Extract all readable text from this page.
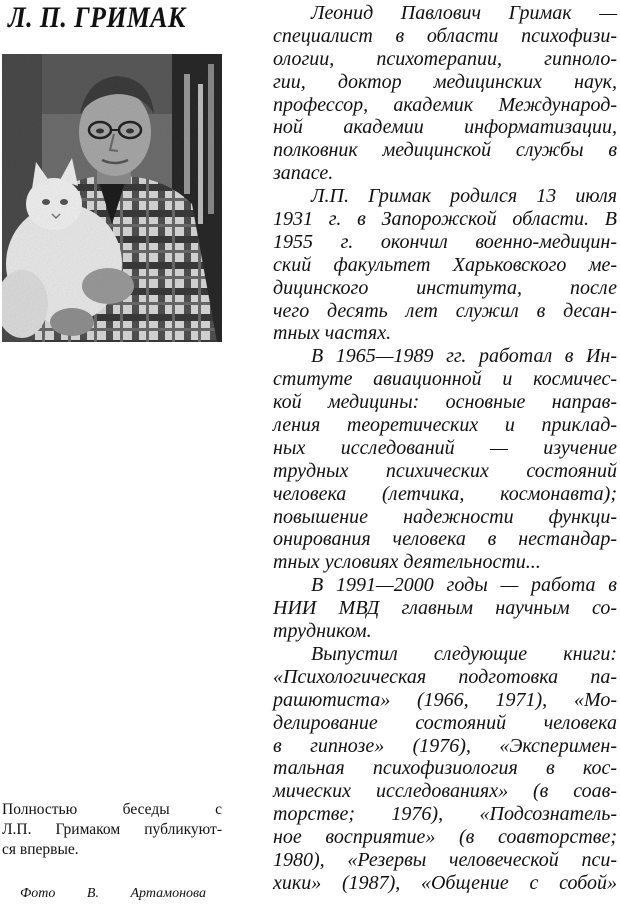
Л. П. ГРИМАК
Полностью беседы с
Л.П. Гримаком публикуют-
ся впервые.
Фото В. Артамонова
Леонид Павлович Гримак —
специалист в области психофизи-
ологии, психотерапии, гипноло-
гии, доктор медицинских наук,
профессор, академик Международ-
ной академии информатизации,
полковник медицинской службы в
запасе.
Л.П. Гримак родился 13 июля
1931 г. в Запорожской области. В
1955 г. окончил военно-медицин-
ский факультет Харьковского ме-
дицинского института, после
чего десять лет служил в десан-
тных частях.
В 1965—1989 гг. работал в Ин-
ституте авиационной и космичес-
кой медицины: основные направ-
ления теоретических и приклад-
ных исследований — изучение
трудных психических состояний
человека (летчика, космонавта);
повышение надежности функци-
онирования человека в нестандар-
тных условиях деятельности...
В 1991—2000 годы — работа в
НИИ МВД главным научным со-
трудником.
Выпустил следующие книги:
«Психологическая подготовка па-
рашютиста» (1966, 1971), «Мо-
делирование состояний человека
в гипнозе» (1976), «Эксперимен-
тальная психофизиология в кос-
мических исследованиях» (в соав-
торстве; 1976), «Подсознатель-
ное восприятие» (в соавторстве;
1980), «Резервы человеческой пси-
хики» (1987), «Общение с собой»
